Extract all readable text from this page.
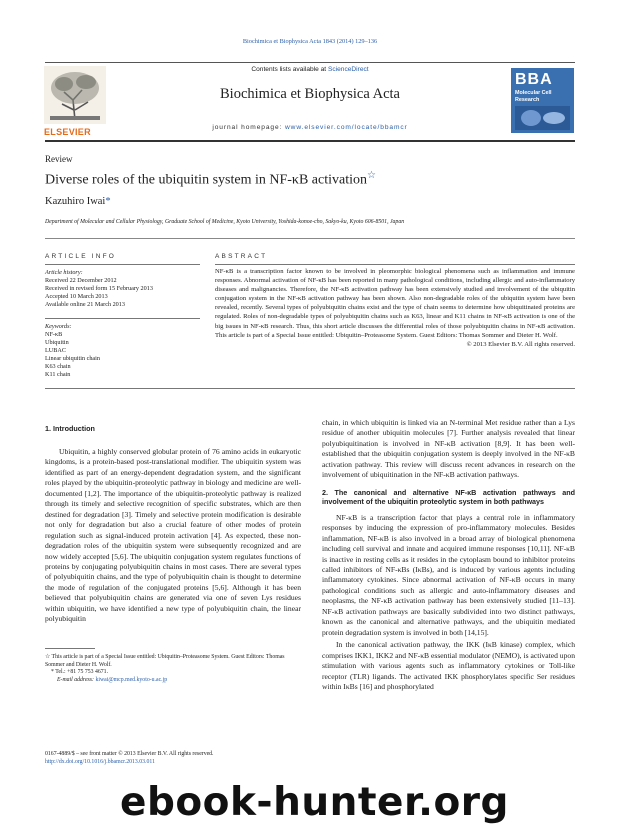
Biochimica et Biophysica Acta 1843 (2014) 129–136
ELSEVIER
Contents lists available at ScienceDirect
Biochimica et Biophysica Acta
journal homepage: www.elsevier.com/locate/bbamcr
BBA
Molecular Cell
Research
Review
Diverse roles of the ubiquitin system in NF-κB activation☆
Kazuhiro Iwai*
Department of Molecular and Cellular Physiology, Graduate School of Medicine, Kyoto University, Yoshida-konoe-cho, Sakyo-ku, Kyoto 606-8501, Japan
ARTICLE INFO
Article history:
Received 22 December 2012
Received in revised form 15 February 2013
Accepted 10 March 2013
Available online 21 March 2013
Keywords:
NF-κB
Ubiquitin
LUBAC
Linear ubiquitin chain
K63 chain
K11 chain
ABSTRACT
NF-κB is a transcription factor known to be involved in pleomorphic biological phenomena such as inflammation and immune responses. Abnormal activation of NF-κB has been reported in many pathological conditions, including allergic and auto-inflammatory diseases and malignancies. Therefore, the NF-κB activation pathway has been extensively studied and involvement of the ubiquitin conjugation system in the NF-κB activation pathway has been shown. Also non-degradable roles of the ubiquitin system have been revealed, recently. Several types of polyubiquitin chains exist and the type of chain seems to determine how ubiquitinated proteins are regulated. Roles of non-degradable types of polyubiquitin chains such as K63, linear and K11 chains in NF-κB activation is one of the big issues in NF-κB research. Thus, this short article discusses the differential roles of those polyubiquitin chains in NF-κB activation. This article is part of a Special Issue entitled: Ubiquitin–Proteasome System. Guest Editors: Thomas Sommer and Dieter H. Wolf.
© 2013 Elsevier B.V. All rights reserved.
1. Introduction

Ubiquitin, a highly conserved globular protein of 76 amino acids in eukaryotic kingdoms, is a protein-based post-translational modifier. The ubiquitin system was identified as part of an energy-dependent degradation system, and the significant roles played by the ubiquitin-proteolytic pathway in biology and medicine are well-documented [1,2]. The importance of the ubiquitin-proteolytic pathway is realized through its timely and selective recognition of specific substrates, which are then destined for degradation [3]. Timely and selective protein modification is desirable not only for degradation but also a crucial feature of other modes of protein regulation such as signal-induced protein activation [4]. As expected, these non-degradation roles of the ubiquitin system were subsequently recognized and are now widely accepted [5,6]. The ubiquitin conjugation system regulates functions of proteins by conjugating polyubiquitin chains in most cases. There are several types of polyubiquitin chains, and the type of polyubiquitin chain is thought to determine the mode of regulation of the conjugated proteins [5,6]. Although it has been believed that polyubiquitin chains are generated via one of seven Lys residues within ubiquitin, we have identified a new type of polyubiquitin chain, the linear polyubiquitin

☆ This article is part of a Special Issue entitled: Ubiquitin–Proteasome System. Guest Editors: Thomas Sommer and Dieter H. Wolf.
* Tel.: +81 75 753 4671.
E-mail address: kiwai@mcp.med.kyoto-u.ac.jp
0167-4889/$ – see front matter © 2013 Elsevier B.V. All rights reserved.
http://dx.doi.org/10.1016/j.bbamcr.2013.03.011

chain, in which ubiquitin is linked via an N-terminal Met residue rather than a Lys residue of another ubiquitin molecules [7]. Further analysis revealed that linear polyubiquitination is involved in NF-κB activation [8,9]. It has been well-established that the ubiquitin conjugation system is deeply involved in the NF-κB activation pathway. This review will discuss recent advances in research on the involvement of ubiquitination in the NF-κB activation pathways.

2. The canonical and alternative NF-κB activation pathways and involvement of the ubiquitin proteolytic system in both pathways

NF-κB is a transcription factor that plays a central role in inflammatory responses by inducing the expression of pro-inflammatory molecules. Besides inflammation, NF-κB is also involved in a broad array of biological phenomena including cell survival and innate and acquired immune responses [10,11]. NF-κB is inactive in resting cells as it resides in the cytoplasm bound to inhibitor proteins called inhibitors of NF-κBs (IκBs), and is induced by various agents including inflammatory cytokines. Since abnormal activation of NF-κB occurs in many pathological conditions such as allergic and auto-inflammatory diseases and neoplasms, the NF-κB activation pathway has been extensively studied [11–13]. NF-κB activation pathways are basically subdivided into two distinct pathways, known as the canonical and alternative pathways, and the ubiquitin mediated protein degradation system is involved in both [14,15].

In the canonical activation pathway, the IKK (IκB kinase) complex, which comprises IKK1, IKK2 and NF-κB essential modulator (NEMO), is activated upon stimulation with various agents such as inflammatory cytokines or Toll-like receptor (TLR) ligands. The activated IKK phosphorylates specific Ser residues within IκBs [16] and phosphorylated

ebook-hunter.org
